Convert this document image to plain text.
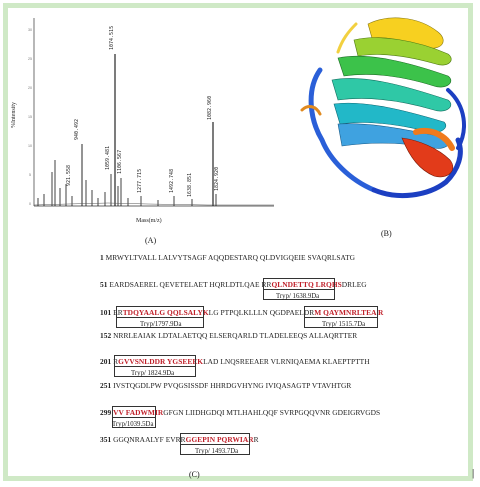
%Intensity
Mass(m/z)
30
25
20
15
10
5
0
940.492
921.558
1059.481 1106.567
1074.515
1277.715	1492.748 1638.851	1824.920
1082.960
(A)
(B)
1 MRWYLTVALL LALVYTSAGF AQQDESTARQ QLDVIGQEIE SVAQRLSATG
51 EARDSAEREL QEVETELAET HQRLDTLQAE RRQLNDETTQ LRQHSDRLEG
Tryp/ 1638.9Da
101 ERTDQYAALG QQLSALYKLG PTPQLKLLLN QGDPAELDRM QAYMNRLTEA R
Tryp/1797.9Da	Tryp/ 1515.7Da
152 NRRLEAIAK LDTALAETQQ ELSERQARLD TLADELEEQS ALLAQRTTER
201 RGVVSNLDDR YGSEEEKLAD LNQSREEAER VLRNIQAEMA KLAEPTPTTH
Tryp/ 1824.9Da
251 IVSTQGDLPW PVQGSISSDF HHRDGVHYNG IVIQASAGTP VTAVHTGR
299 VV FADWMIRGFGN LIIDHGDQI MTLHAHLQQF SVRPGQQVNR GDEIGRVGDS
Tryp/1039.5Da
351 GGQNRAALYF EVRRGGEPIN PQRWIARR
Tryp/ 1493.7Da
(C)	|
